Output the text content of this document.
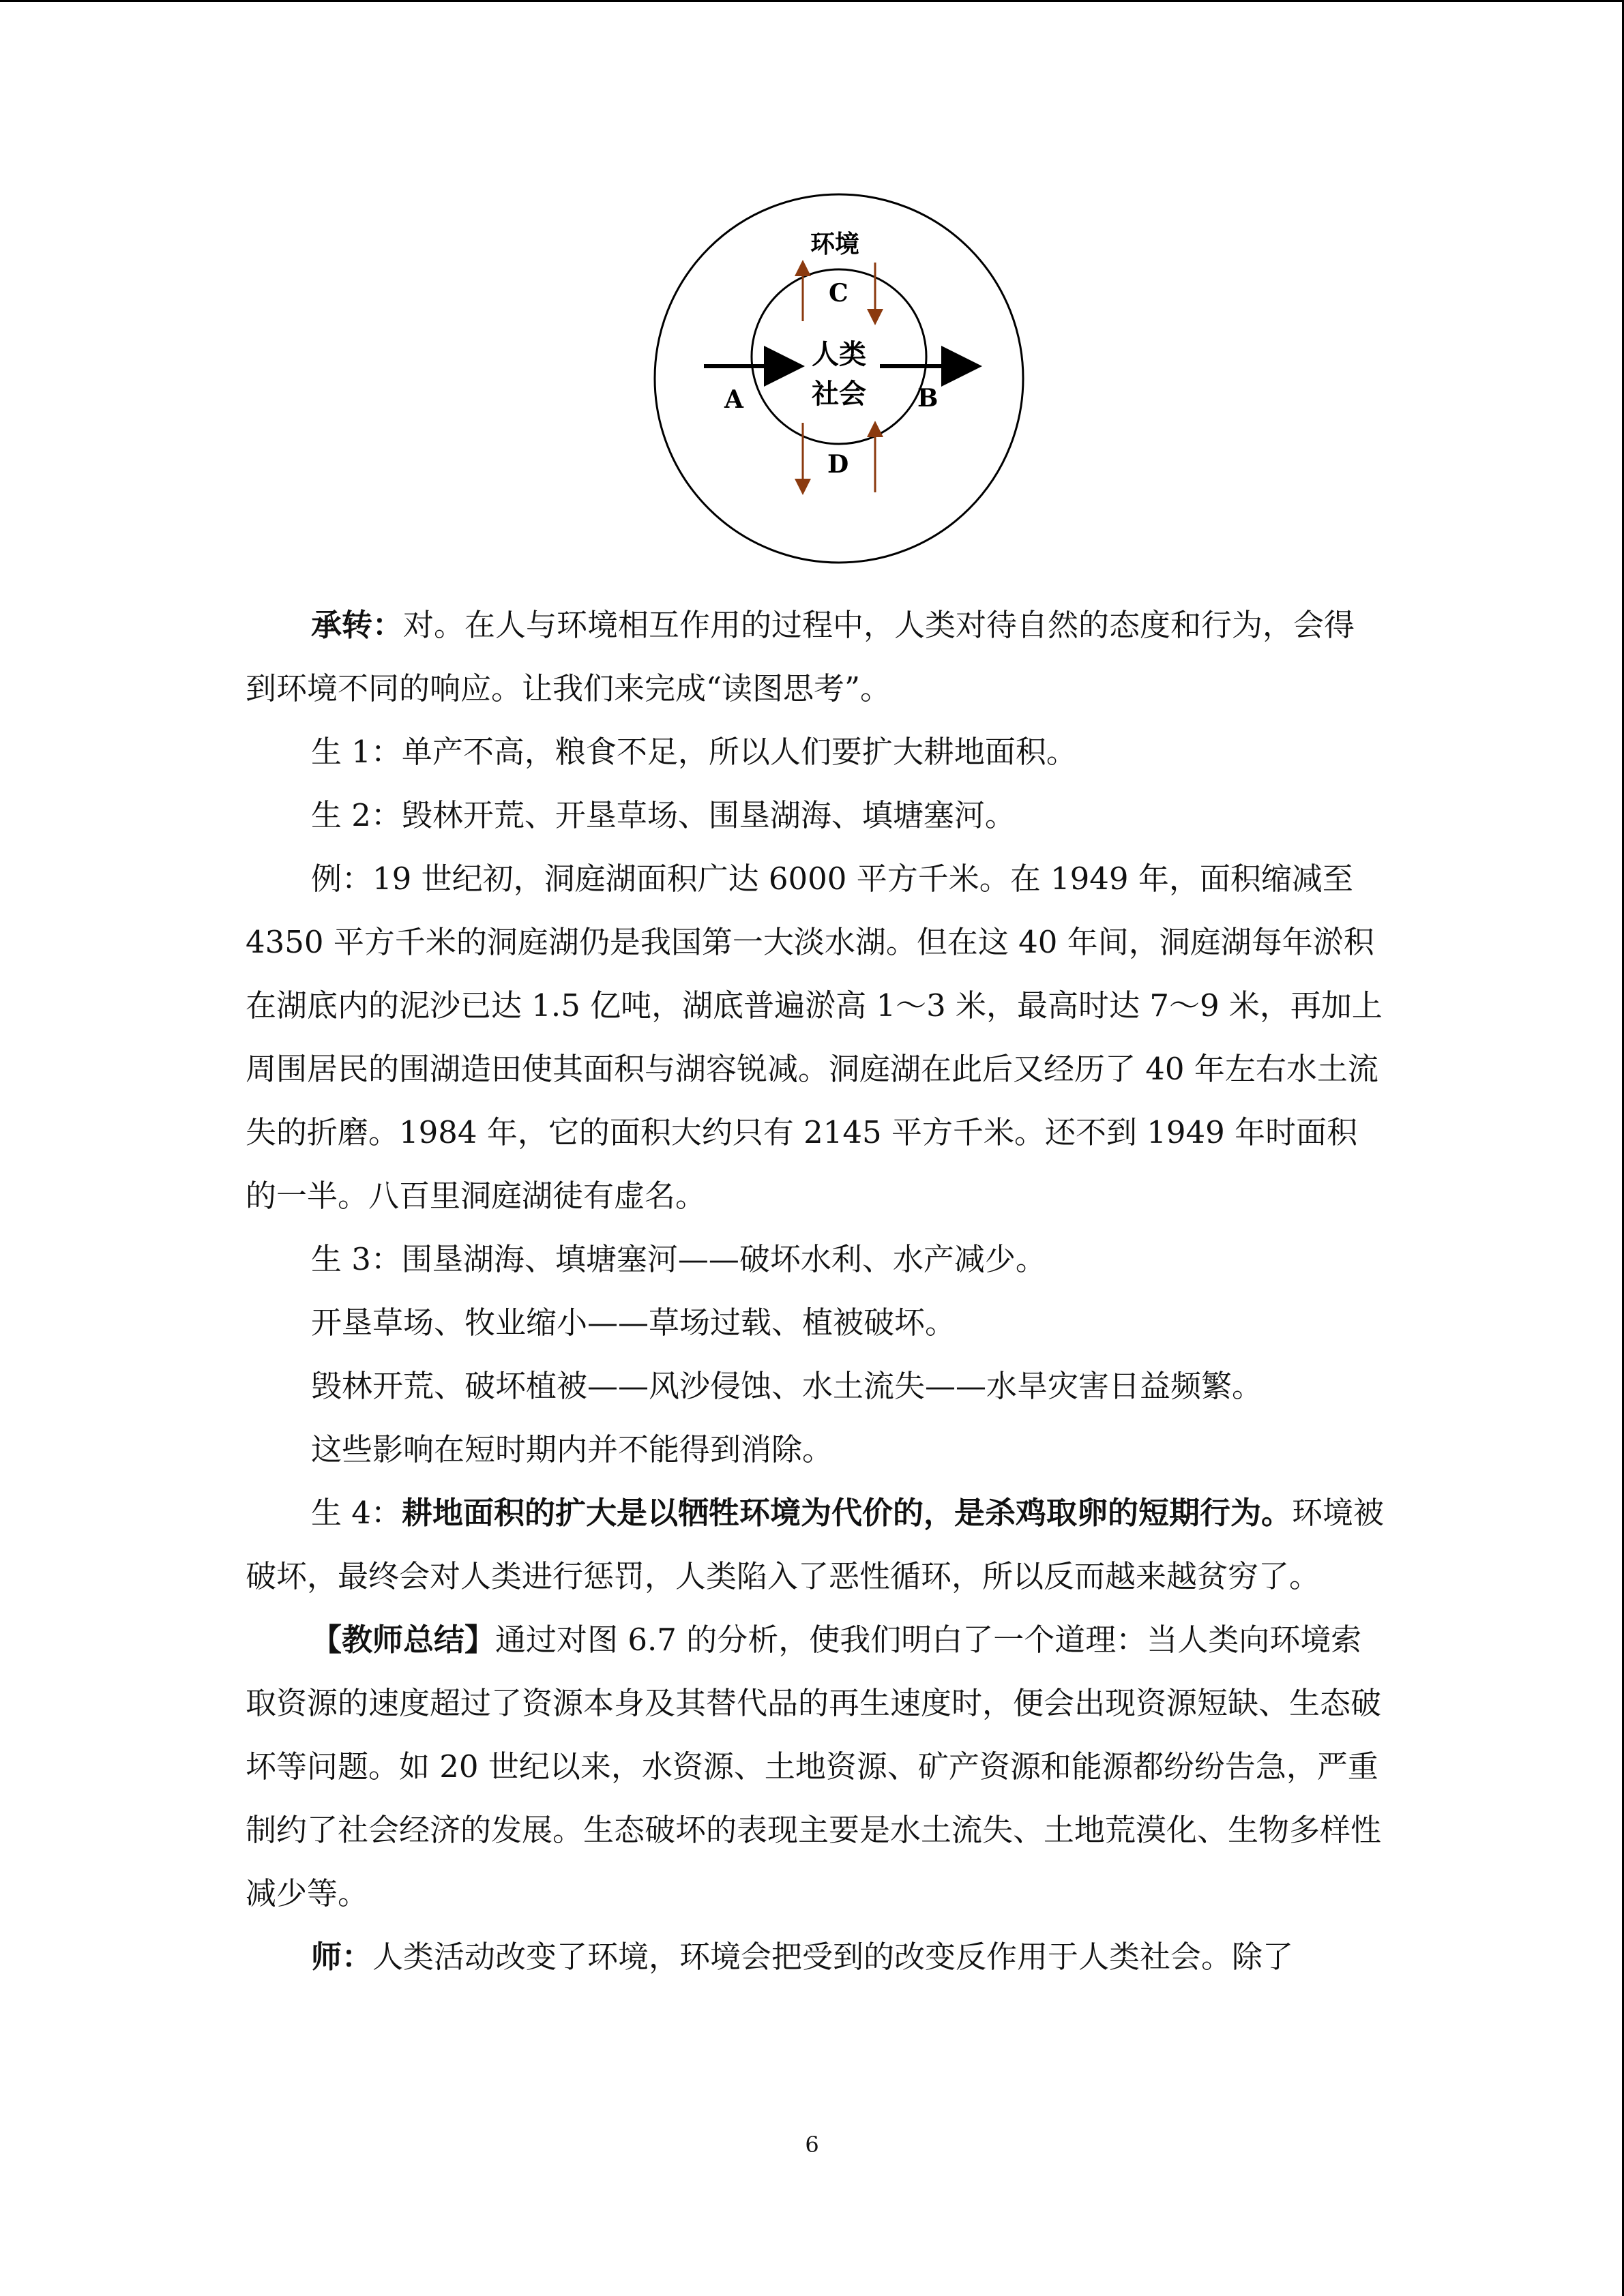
环境
人类
社会
A	B
C
D

承转：对。在人与环境相互作用的过程中，人类对待自然的态度和行为，会得到环境不同的响应。让我们来完成“读图思考”。

生 1：单产不高，粮食不足，所以人们要扩大耕地面积。

生 2：毁林开荒、开垦草场、围垦湖海、填塘塞河。

例：19 世纪初，洞庭湖面积广达 6000 平方千米。在 1949 年，面积缩减至 4350 平方千米的洞庭湖仍是我国第一大淡水湖。但在这 40 年间，洞庭湖每年淤积在湖底内的泥沙已达 1.5 亿吨，湖底普遍淤高 1～3 米，最高时达 7～9 米，再加上周围居民的围湖造田使其面积与湖容锐减。洞庭湖在此后又经历了 40 年左右水土流失的折磨。1984 年，它的面积大约只有 2145 平方千米。还不到 1949 年时面积的一半。八百里洞庭湖徒有虚名。

生 3：围垦湖海、填塘塞河——破坏水利、水产减少。

开垦草场、牧业缩小——草场过载、植被破坏。

毁林开荒、破坏植被——风沙侵蚀、水土流失——水旱灾害日益频繁。

这些影响在短时期内并不能得到消除。

生 4：耕地面积的扩大是以牺牲环境为代价的，是杀鸡取卵的短期行为。环境被破坏，最终会对人类进行惩罚，人类陷入了恶性循环，所以反而越来越贫穷了。

【教师总结】通过对图 6.7 的分析，使我们明白了一个道理：当人类向环境索取资源的速度超过了资源本身及其替代品的再生速度时，便会出现资源短缺、生态破坏等问题。如 20 世纪以来，水资源、土地资源、矿产资源和能源都纷纷告急，严重制约了社会经济的发展。生态破坏的表现主要是水土流失、土地荒漠化、生物多样性减少等。

师：人类活动改变了环境，环境会把受到的改变反作用于人类社会。除了

6
